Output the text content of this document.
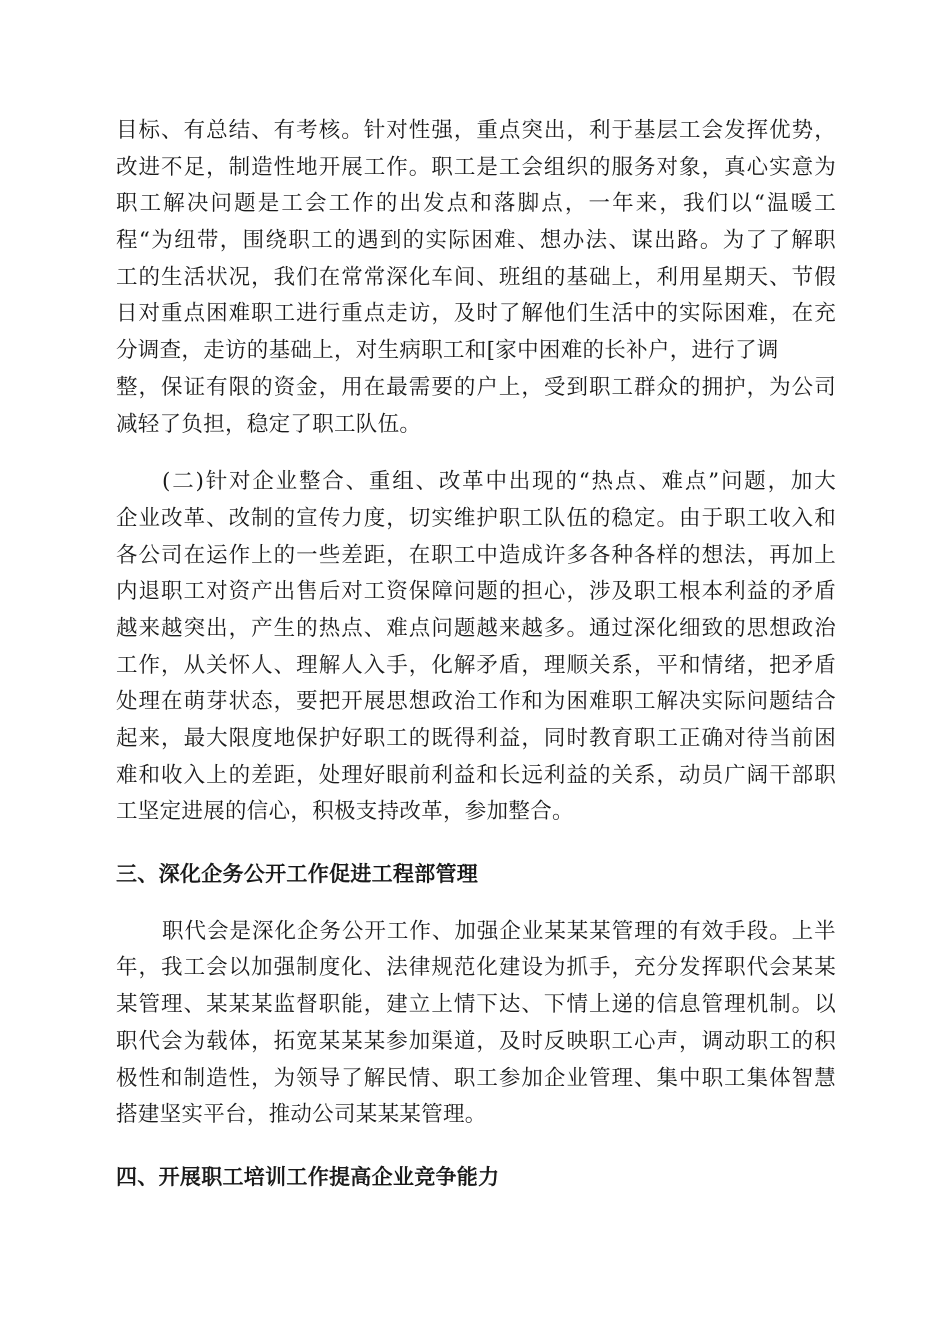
目标、有总结、有考核。针对性强，重点突出，利于基层工会发挥优势，
改进不足，制造性地开展工作。职工是工会组织的服务对象，真心实意为
职工解决问题是工会工作的出发点和落脚点，一年来，我们以“温暖工
程“为纽带，围绕职工的遇到的实际困难、想办法、谋出路。为了了解职
工的生活状况，我们在常常深化车间、班组的基础上，利用星期天、节假
日对重点困难职工进行重点走访，及时了解他们生活中的实际困难，在充
分调查，走访的基础上，对生病职工和[家中困难的长补户，进行了调
整，保证有限的资金，用在最需要的户上，受到职工群众的拥护，为公司
减轻了负担，稳定了职工队伍。
(二)针对企业整合、重组、改革中出现的“热点、难点”问题，加大
企业改革、改制的宣传力度，切实维护职工队伍的稳定。由于职工收入和
各公司在运作上的一些差距，在职工中造成许多各种各样的想法，再加上
内退职工对资产出售后对工资保障问题的担心，涉及职工根本利益的矛盾
越来越突出，产生的热点、难点问题越来越多。通过深化细致的思想政治
工作，从关怀人、理解人入手，化解矛盾，理顺关系，平和情绪，把矛盾
处理在萌芽状态，要把开展思想政治工作和为困难职工解决实际问题结合
起来，最大限度地保护好职工的既得利益，同时教育职工正确对待当前困
难和收入上的差距，处理好眼前利益和长远利益的关系，动员广阔干部职
工坚定进展的信心，积极支持改革，参加整合。
三、深化企务公开工作促进工程部管理
职代会是深化企务公开工作、加强企业某某某管理的有效手段。上半
年，我工会以加强制度化、法律规范化建设为抓手，充分发挥职代会某某
某管理、某某某监督职能，建立上情下达、下情上递的信息管理机制。以
职代会为载体，拓宽某某某参加渠道，及时反映职工心声，调动职工的积
极性和制造性，为领导了解民情、职工参加企业管理、集中职工集体智慧
搭建坚实平台，推动公司某某某管理。
四、开展职工培训工作提高企业竞争能力
